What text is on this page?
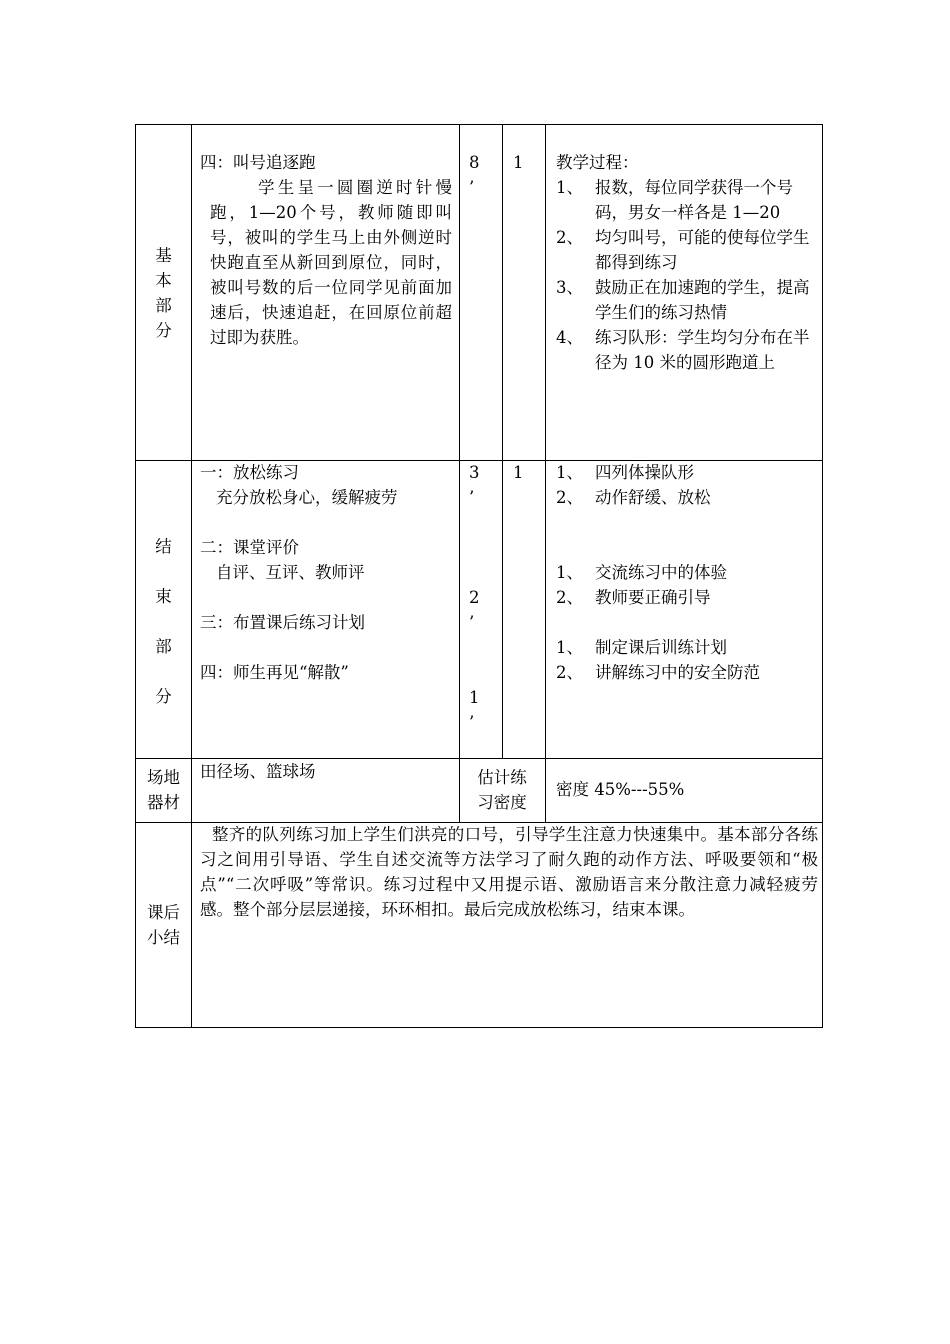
基

本

部

分

四：叫号追逐跑

学生呈一圆圈逆时针慢跑，1—20个号，教师随即叫号，被叫的学生马上由外侧逆时快跑直至从新回到原位，同时，被叫号数的后一位同学见前面加速后，快速追赶，在回原位前超过即为获胜。

8

’

1 教学过程：

1、 报数，每位同学获得一个号码，男女一样各是 1—20
2、 均匀叫号，可能的使每位学生都得到练习
3、 鼓励正在加速跑的学生，提高学生们的练习热情
4、 练习队形：学生均匀分布在半径为 10 米的圆形跑道上

结

束

部

分

一：放松练习

充分放松身心，缓解疲劳

二：课堂评价

自评、互评、教师评

三：布置课后练习计划

四：师生再见“解散”

3

’

2

’

1

’

1 1、 四列体操队形
2、 动作舒缓、放松

1、 交流练习中的体验
2、 教师要正确引导

1、 制定课后训练计划
2、 讲解练习中的安全防范

场地

器材

田径场、篮球场	估计练

习密度

密度 45%---55%

课后

小结

整齐的队列练习加上学生们洪亮的口号，引导学生注意力快速集中。基本部分各练习之间用引导语、学生自述交流等方法学习了耐久跑的动作方法、呼吸要领和“极点”“二次呼吸”等常识。练习过程中又用提示语、激励语言来分散注意力减轻疲劳感。整个部分层层递接，环环相扣。最后完成放松练习，结束本课。
